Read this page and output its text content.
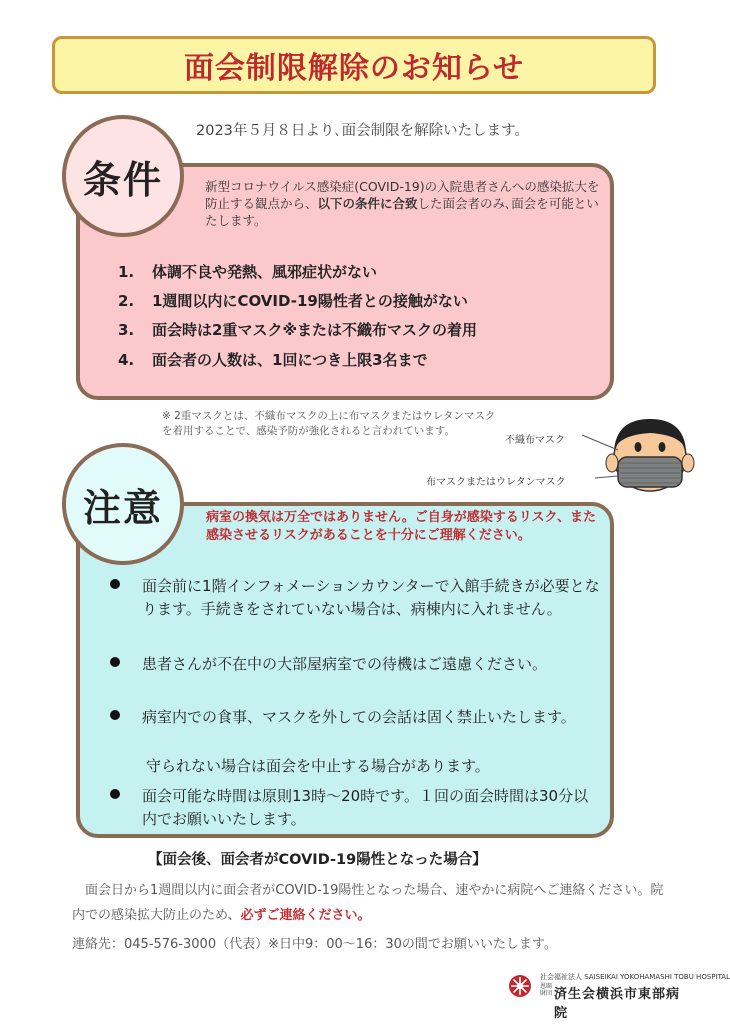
面会制限解除のお知らせ
2023年５月８日より､面会制限を解除いたします。
条件	新型コロナウイルス感染症(COVID-19)の入院患者さんへの感染拡大を防止する観点から、以下の条件に合致した面会者のみ､面会を可能といたします。
1. 体調不良や発熱、風邪症状がない
2. 1週間以内にCOVID-19陽性者との接触がない
3. 面会時は2重マスク※または不織布マスクの着用
4. 面会者の人数は、1回につき上限3名まで
※ 2重マスクとは、不織布マスクの上に布マスクまたはウレタンマスクを着用することで、感染予防が強化されると言われています。
不織布マスク
布マスクまたはウレタンマスク
注意	病室の換気は万全ではありません。ご自身が感染するリスク、また感染させるリスクがあることを十分にご理解ください。
面会前に1階インフォメーションカウンターで入館手続きが必要となります。手続きをされていない場合は、病棟内に入れません。
患者さんが不在中の大部屋病室での待機はご遠慮ください。
病室内での食事、マスクを外しての会話は固く禁止いたします。
守られない場合は面会を中止する場合があります。
面会可能な時間は原則13時～20時です。１回の面会時間は30分以内でお願いいたします。
【面会後、面会者がCOVID-19陽性となった場合】
　面会日から1週間以内に面会者がCOVID-19陽性となった場合、速やかに病院へご連絡ください。院内での感染拡大防止のため、必ずご連絡ください。
連絡先：045-576-3000（代表）※日中9：00～16：30の間でお願いいたします。
社会福祉法人 SAISEIKAI YOKOHAMASHI TOBU HOSPITAL
恩賜財団 済生会横浜市東部病院
